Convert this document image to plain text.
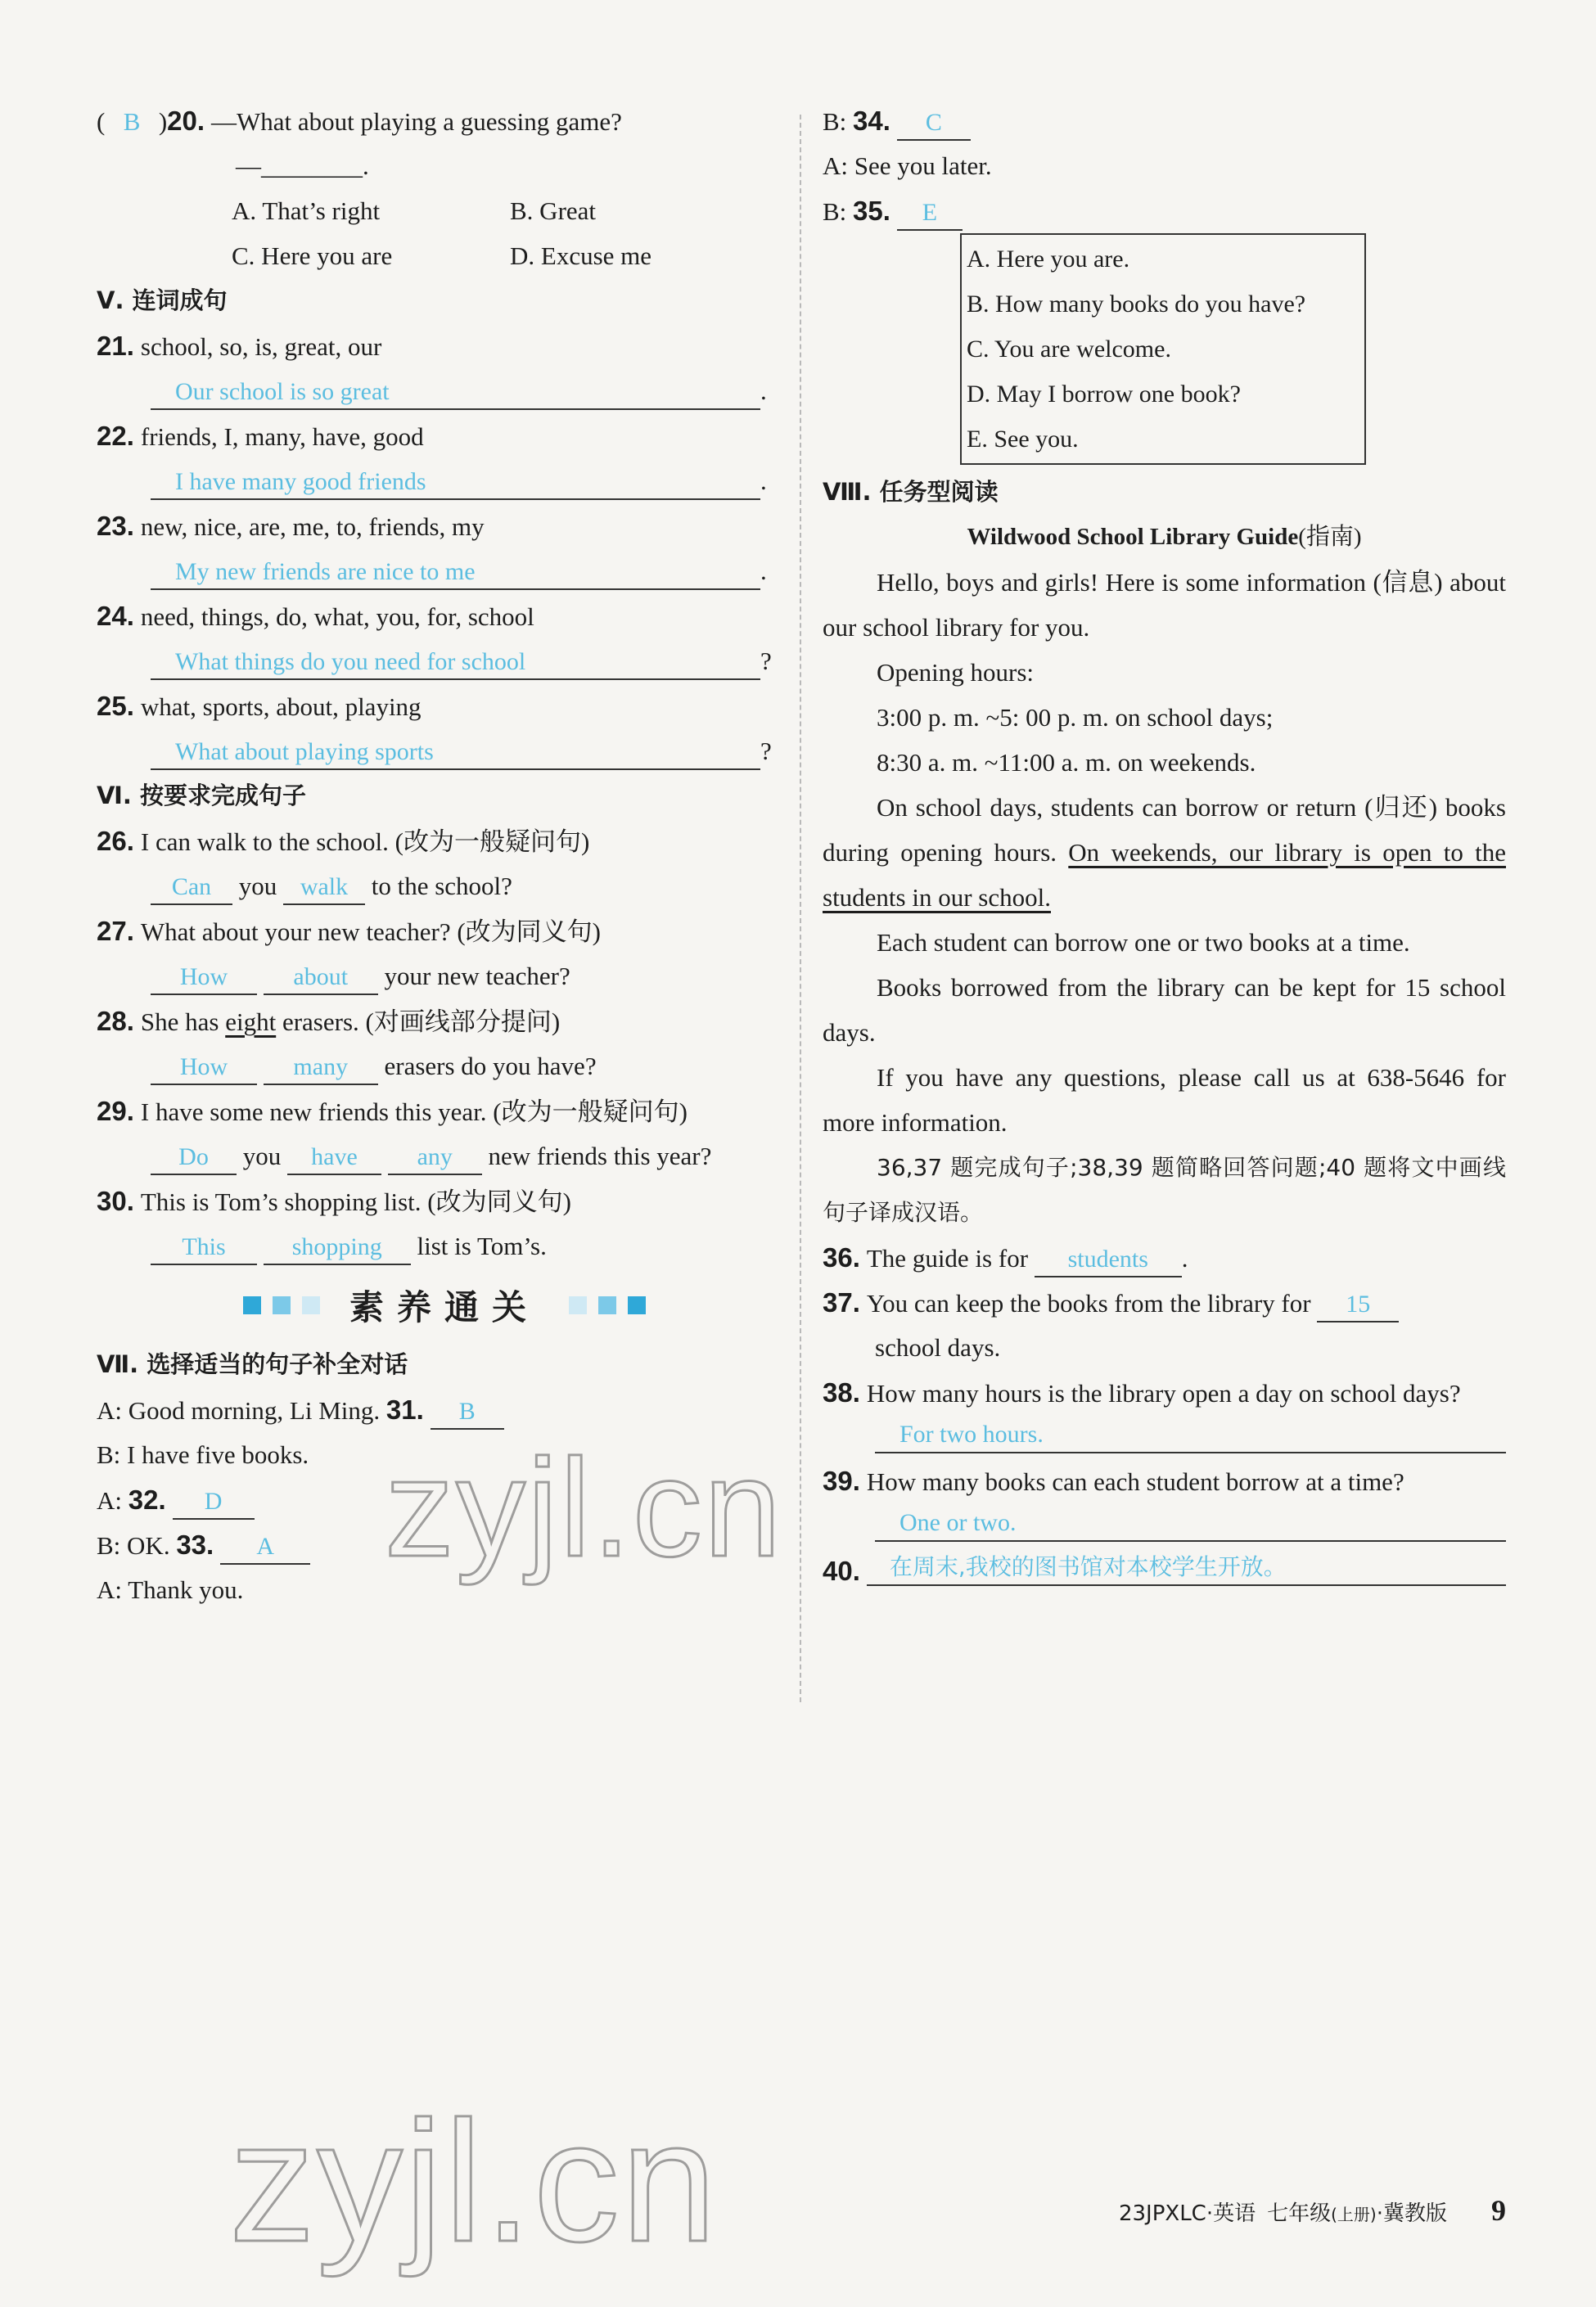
( B )20. —What about playing a guessing game?
—________.
A. That’s right	B. Great
C. Here you are	D. Excuse me
Ⅴ. 连词成句
21. school, so, is, great, our
Our school is so great	.
22. friends, I, many, have, good
I have many good friends	.
23. new, nice, are, me, to, friends, my
My new friends are nice to me	.
24. need, things, do, what, you, for, school
What things do you need for school	?
25. what, sports, about, playing
What about playing sports	?
Ⅵ. 按要求完成句子
26. I can walk to the school. (改为一般疑问句)
Can you walk to the school?
27. What about your new teacher? (改为同义句)
How	about your new teacher?
28. She has eight erasers. (对画线部分提问)
How	many erasers do you have?
29. I have some new friends this year. (改为一般疑问句)
Do you have any new friends this year?
30. This is Tom’s shopping list. (改为同义句)
This	shopping list is Tom’s.
素养通关
Ⅶ. 选择适当的句子补全对话
A: Good morning, Li Ming. 31. B
B: I have five books.
A: 32. D
B: OK. 33. A
A: Thank you.
B: 34. C
A: See you later.
B: 35. E
A. Here you are.
B. How many books do you have?
C. You are welcome.
D. May I borrow one book?
E. See you.
Ⅷ. 任务型阅读
Wildwood School Library Guide(指南)
Hello, boys and girls! Here is some information (信息) about our school library for you.
Opening hours:
3:00 p. m. ~5: 00 p. m. on school days;
8:30 a. m. ~11:00 a. m. on weekends.
On school days, students can borrow or return (归还) books during opening hours. On weekends, our library is open to the students in our school.
Each student can borrow one or two books at a time.
Books borrowed from the library can be kept for 15 school days.
If you have any questions, please call us at 638-5646 for more information.
36,37 题完成句子;38,39 题简略回答问题;40 题将文中画线句子译成汉语。
36. The guide is for students .
37. You can keep the books from the library for 15
school days.
38. How many hours is the library open a day on school days?
For two hours.
39. How many books can each student borrow at a time?
One or two.
40.	在周末,我校的图书馆对本校学生开放。
zyjl.cn
zyjl.cn	23JPXLC·英语 七年级(上册)·冀教版 9
